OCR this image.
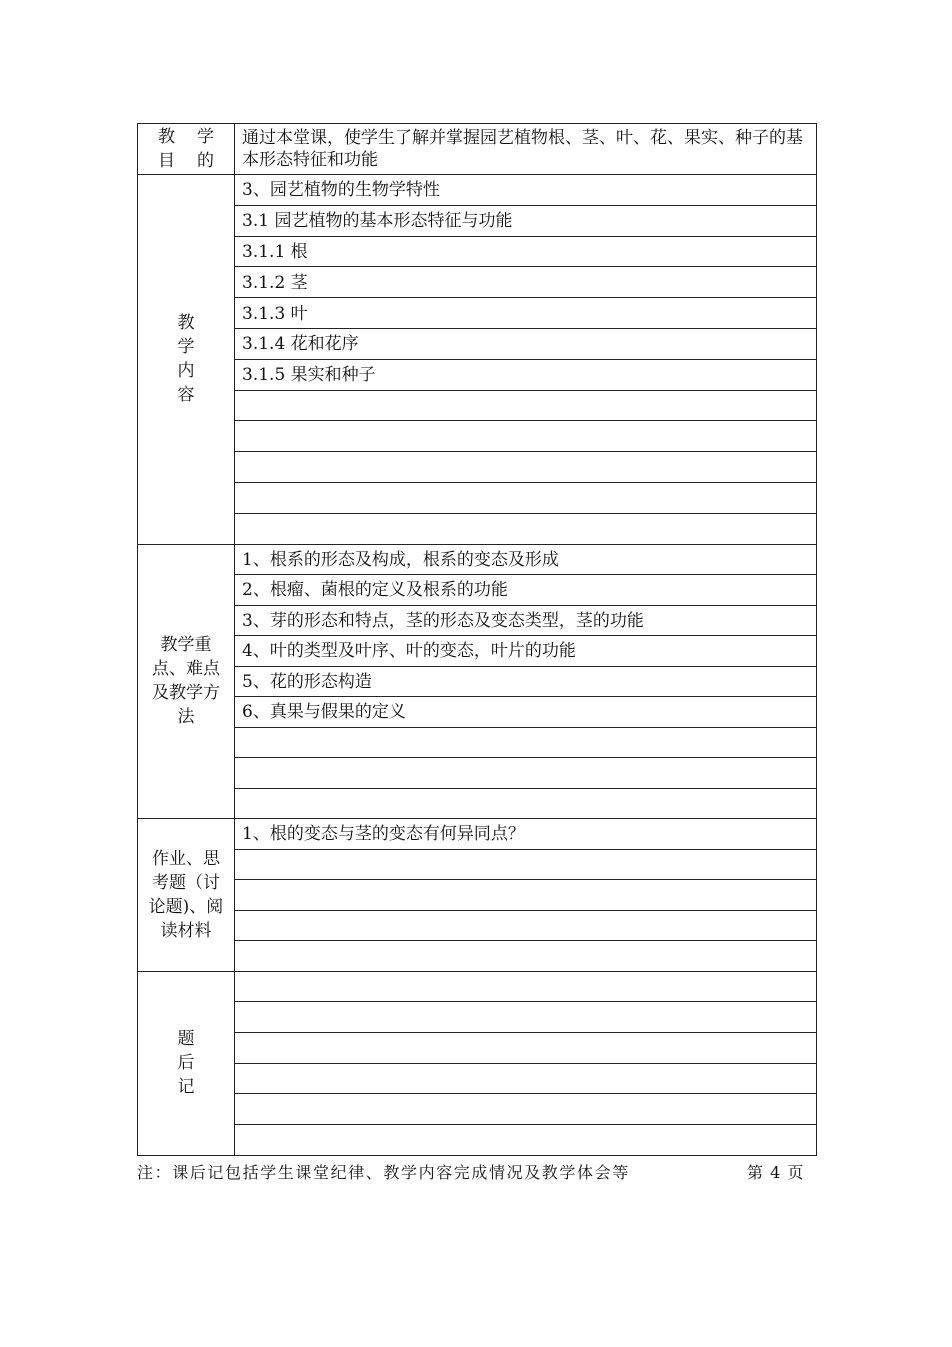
教 学
目 的	通过本堂课，使学生了解并掌握园艺植物根、茎、叶、花、果实、种子的基本形态特征和功能

教
学
内
容	3、园艺植物的生物学特性
	3.1 园艺植物的基本形态特征与功能
	3.1.1 根
	3.1.2 茎
	3.1.3 叶
	3.1.4 花和花序
	3.1.5 果实和种子

教学重
点、难点
及教学方
法	1、根系的形态及构成，根系的变态及形成
	2、根瘤、菌根的定义及根系的功能
	3、芽的形态和特点，茎的形态及变态类型，茎的功能
	4、叶的类型及叶序、叶的变态，叶片的功能
	5、花的形态构造
	6、真果与假果的定义

作业、思
考题（讨
论题)、阅
读材料	1、根的变态与茎的变态有何异同点？

题
后
记	

注：课后记包括学生课堂纪律、教学内容完成情况及教学体会等	第 4 页
